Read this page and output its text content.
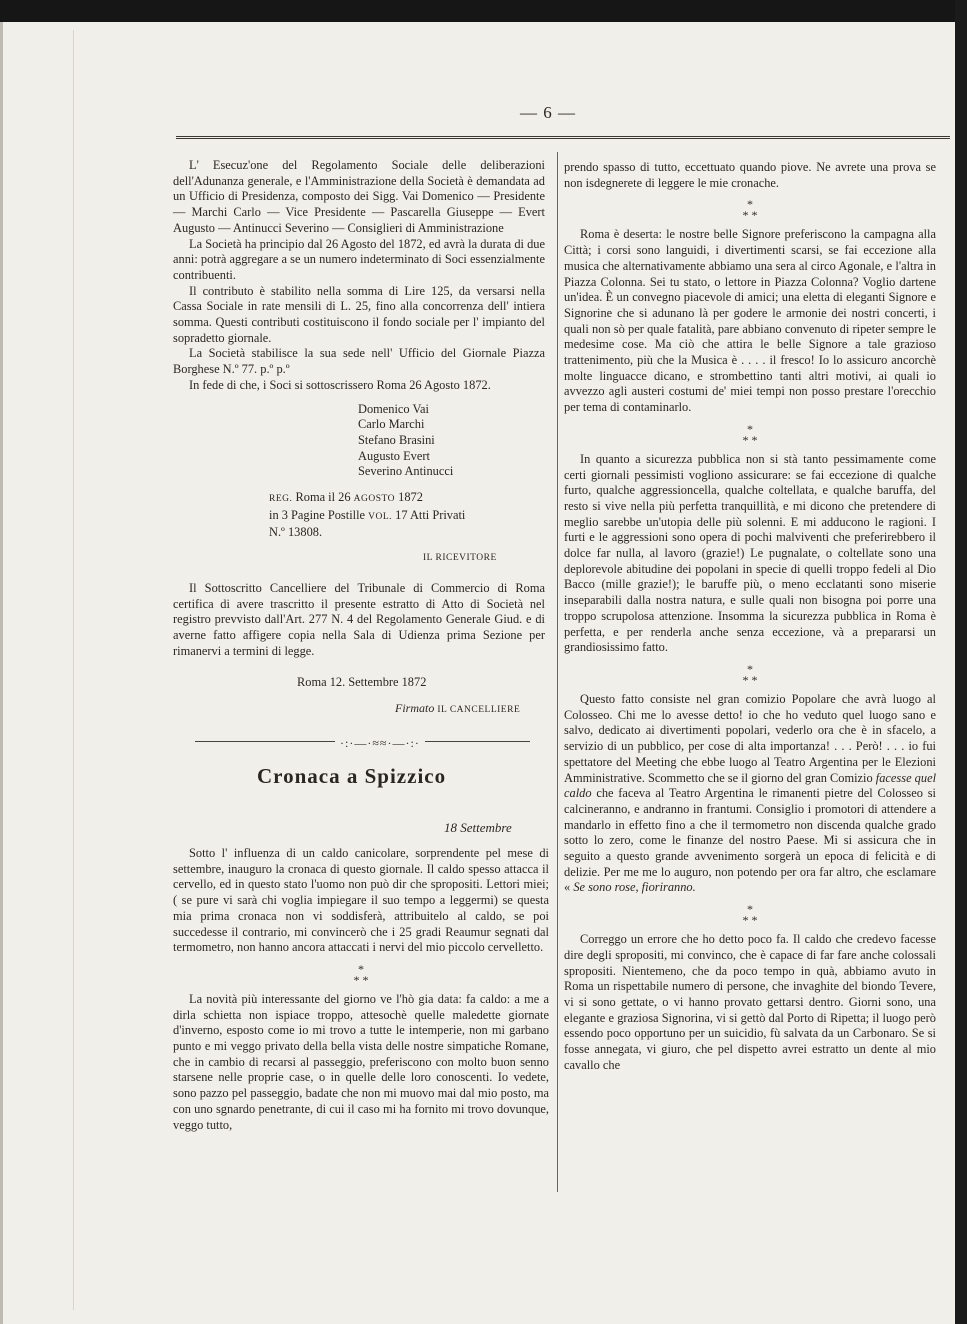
— 6 —

L' Esecuz'one del Regolamento Sociale delle deliberazioni dell'Adunanza generale, e l'Amministrazione della Società è demandata ad un Ufficio di Presidenza, composto dei Sigg. Vai Domenico — Presidente — Marchi Carlo — Vice Presidente — Pascarella Giuseppe — Evert Augusto — Antinucci Severino — Consiglieri di Amministrazione

La Società ha principio dal 26 Agosto del 1872, ed avrà la durata di due anni: potrà aggregare a se un numero indeterminato di Soci essenzialmente contribuenti.

Il contributo è stabilito nella somma di Lire 125, da versarsi nella Cassa Sociale in rate mensili di L. 25, fino alla concorrenza dell' intiera somma. Questi contributi costituiscono il fondo sociale per l' impianto del sopradetto giornale.

La Società stabilisce la sua sede nell' Ufficio del Giornale Piazza Borghese N.º 77. p.º p.º

In fede di che, i Soci si sottoscrissero Roma 26 Agosto 1872.

Domenico Vai
Carlo Marchi
Stefano Brasini
Augusto Evert
Severino Antinucci
REG. Roma il 26 AGOSTO 1872
in 3 Pagine Postille VOL. 17 Atti Privati
N.º 13808.
IL RICEVITORE

Il Sottoscritto Cancelliere del Tribunale di Commercio di Roma certifica di avere trascritto il presente estratto di Atto di Società nel registro prevvisto dall'Art. 277 N. 4 del Regolamento Generale Giud. e di averne fatto affigere copia nella Sala di Udienza prima Sezione per rimanervi a termini di legge.

Roma 12. Settembre 1872
Firmato IL CANCELLIERE
·:·—·≈≈·—·:·
Cronaca a Spizzico
18 Settembre

Sotto l' influenza di un caldo canicolare, sorprendente pel mese di settembre, inauguro la cronaca di questo giornale. Il caldo spesso attacca il cervello, ed in questo stato l'uomo non può dir che spropositi. Lettori miei; ( se pure vi sarà chi voglia impiegare il suo tempo a leggermi) se questa mia prima cronaca non vi soddisferà, attribuitelo al caldo, se poi succedesse il contrario, mi convincerò che i 25 gradi Reaumur segnati dal termometro, non hanno ancora attaccati i nervi del mio piccolo cervelletto.

*
* *

La novità più interessante del giorno ve l'hò gia data: fa caldo: a me a dirla schietta non ispiace troppo, attesochè quelle maledette giornate d'inverno, esposto come io mi trovo a tutte le intemperie, non mi garbano punto e mi veggo privato della bella vista delle nostre simpatiche Romane, che in cambio di recarsi al passeggio, preferiscono con molto buon senno starsene nelle proprie case, o in quelle delle loro conoscenti. Io vedete, sono pazzo pel passeggio, badate che non mi muovo mai dal mio posto, ma con uno sgnardo penetrante, di cui il caso mi ha fornito mi trovo dovunque, veggo tutto,

prendo spasso di tutto, eccettuato quando piove. Ne avrete una prova se non isdegnerete di leggere le mie cronache.

*
* *

Roma è deserta: le nostre belle Signore preferiscono la campagna alla Città; i corsi sono languidi, i divertimenti scarsi, se fai eccezione alla musica che alternativamente abbiamo una sera al circo Agonale, e l'altra in Piazza Colonna. Sei tu stato, o lettore in Piazza Colonna? Voglio dartene un'idea. È un convegno piacevole di amici; una eletta di eleganti Signore e Signorine che si adunano là per godere le armonie dei nostri concerti, i quali non sò per quale fatalità, pare abbiano convenuto di ripeter sempre le medesime cose. Ma ciò che attira le belle Signore a tale grazioso trattenimento, più che la Musica è . . . . il fresco! Io lo assicuro ancorchè molte linguacce dicano, e strombettino tanti altri motivi, ai quali io avvezzo agli austeri costumi de' miei tempi non posso prestare l'orecchio per tema di contaminarlo.

*
* *

In quanto a sicurezza pubblica non si stà tanto pessimamente come certi giornali pessimisti vogliono assicurare: se fai eccezione di qualche furto, qualche aggressioncella, qualche coltellata, e qualche baruffa, del resto si vive nella più perfetta tranquillità, e mi dicono che pretendere di meglio sarebbe un'utopia delle più solenni. E mi adducono le ragioni. I furti e le aggressioni sono opera di pochi malviventi che preferirebbero il dolce far nulla, al lavoro (grazie!) Le pugnalate, o coltellate sono una deplorevole abitudine dei popolani in specie di quelli troppo fedeli al Dio Bacco (mille grazie!); le baruffe più, o meno ecclatanti sono miserie inseparabili dalla nostra natura, e sulle quali non bisogna poi porre una troppo scrupolosa attenzione. Insomma la sicurezza pubblica in Roma è perfetta, e per renderla anche senza eccezione, và a prepararsi un grandiosissimo fatto.

*
* *

Questo fatto consiste nel gran comizio Popolare che avrà luogo al Colosseo. Chi me lo avesse detto! io che ho veduto quel luogo sano e salvo, dedicato ai divertimenti popolari, vederlo ora che è in sfacelo, a servizio di un pubblico, per cose di alta importanza! . . . Però! . . . io fui spettatore del Meeting che ebbe luogo al Teatro Argentina per le Elezioni Amministrative. Scommetto che se il giorno del gran Comizio facesse quel caldo che faceva al Teatro Argentina le rimanenti pietre del Colosseo si calcineranno, e andranno in frantumi. Consiglio i promotori di attendere a mandarlo in effetto fino a che il termometro non discenda qualche grado sotto lo zero, come le finanze del nostro Paese. Mi si assicura che in seguito a questo grande avvenimento sorgerà un epoca di felicità e di delizie. Per me me lo auguro, non potendo per ora far altro, che esclamare « Se sono rose, fioriranno.

*
* *

Correggo un errore che ho detto poco fa. Il caldo che credevo facesse dire degli spropositi, mi convinco, che è capace di far fare anche colossali spropositi. Nientemeno, che da poco tempo in quà, abbiamo avuto in Roma un rispettabile numero di persone, che invaghite del biondo Tevere, vi si sono gettate, o vi hanno provato gettarsi dentro. Giorni sono, una elegante e graziosa Signorina, vi si gettò dal Porto di Ripetta; il luogo però essendo poco opportuno per un suicidio, fù salvata da un Carbonaro. Se si fosse annegata, vi giuro, che pel dispetto avrei estratto un dente al mio cavallo che
